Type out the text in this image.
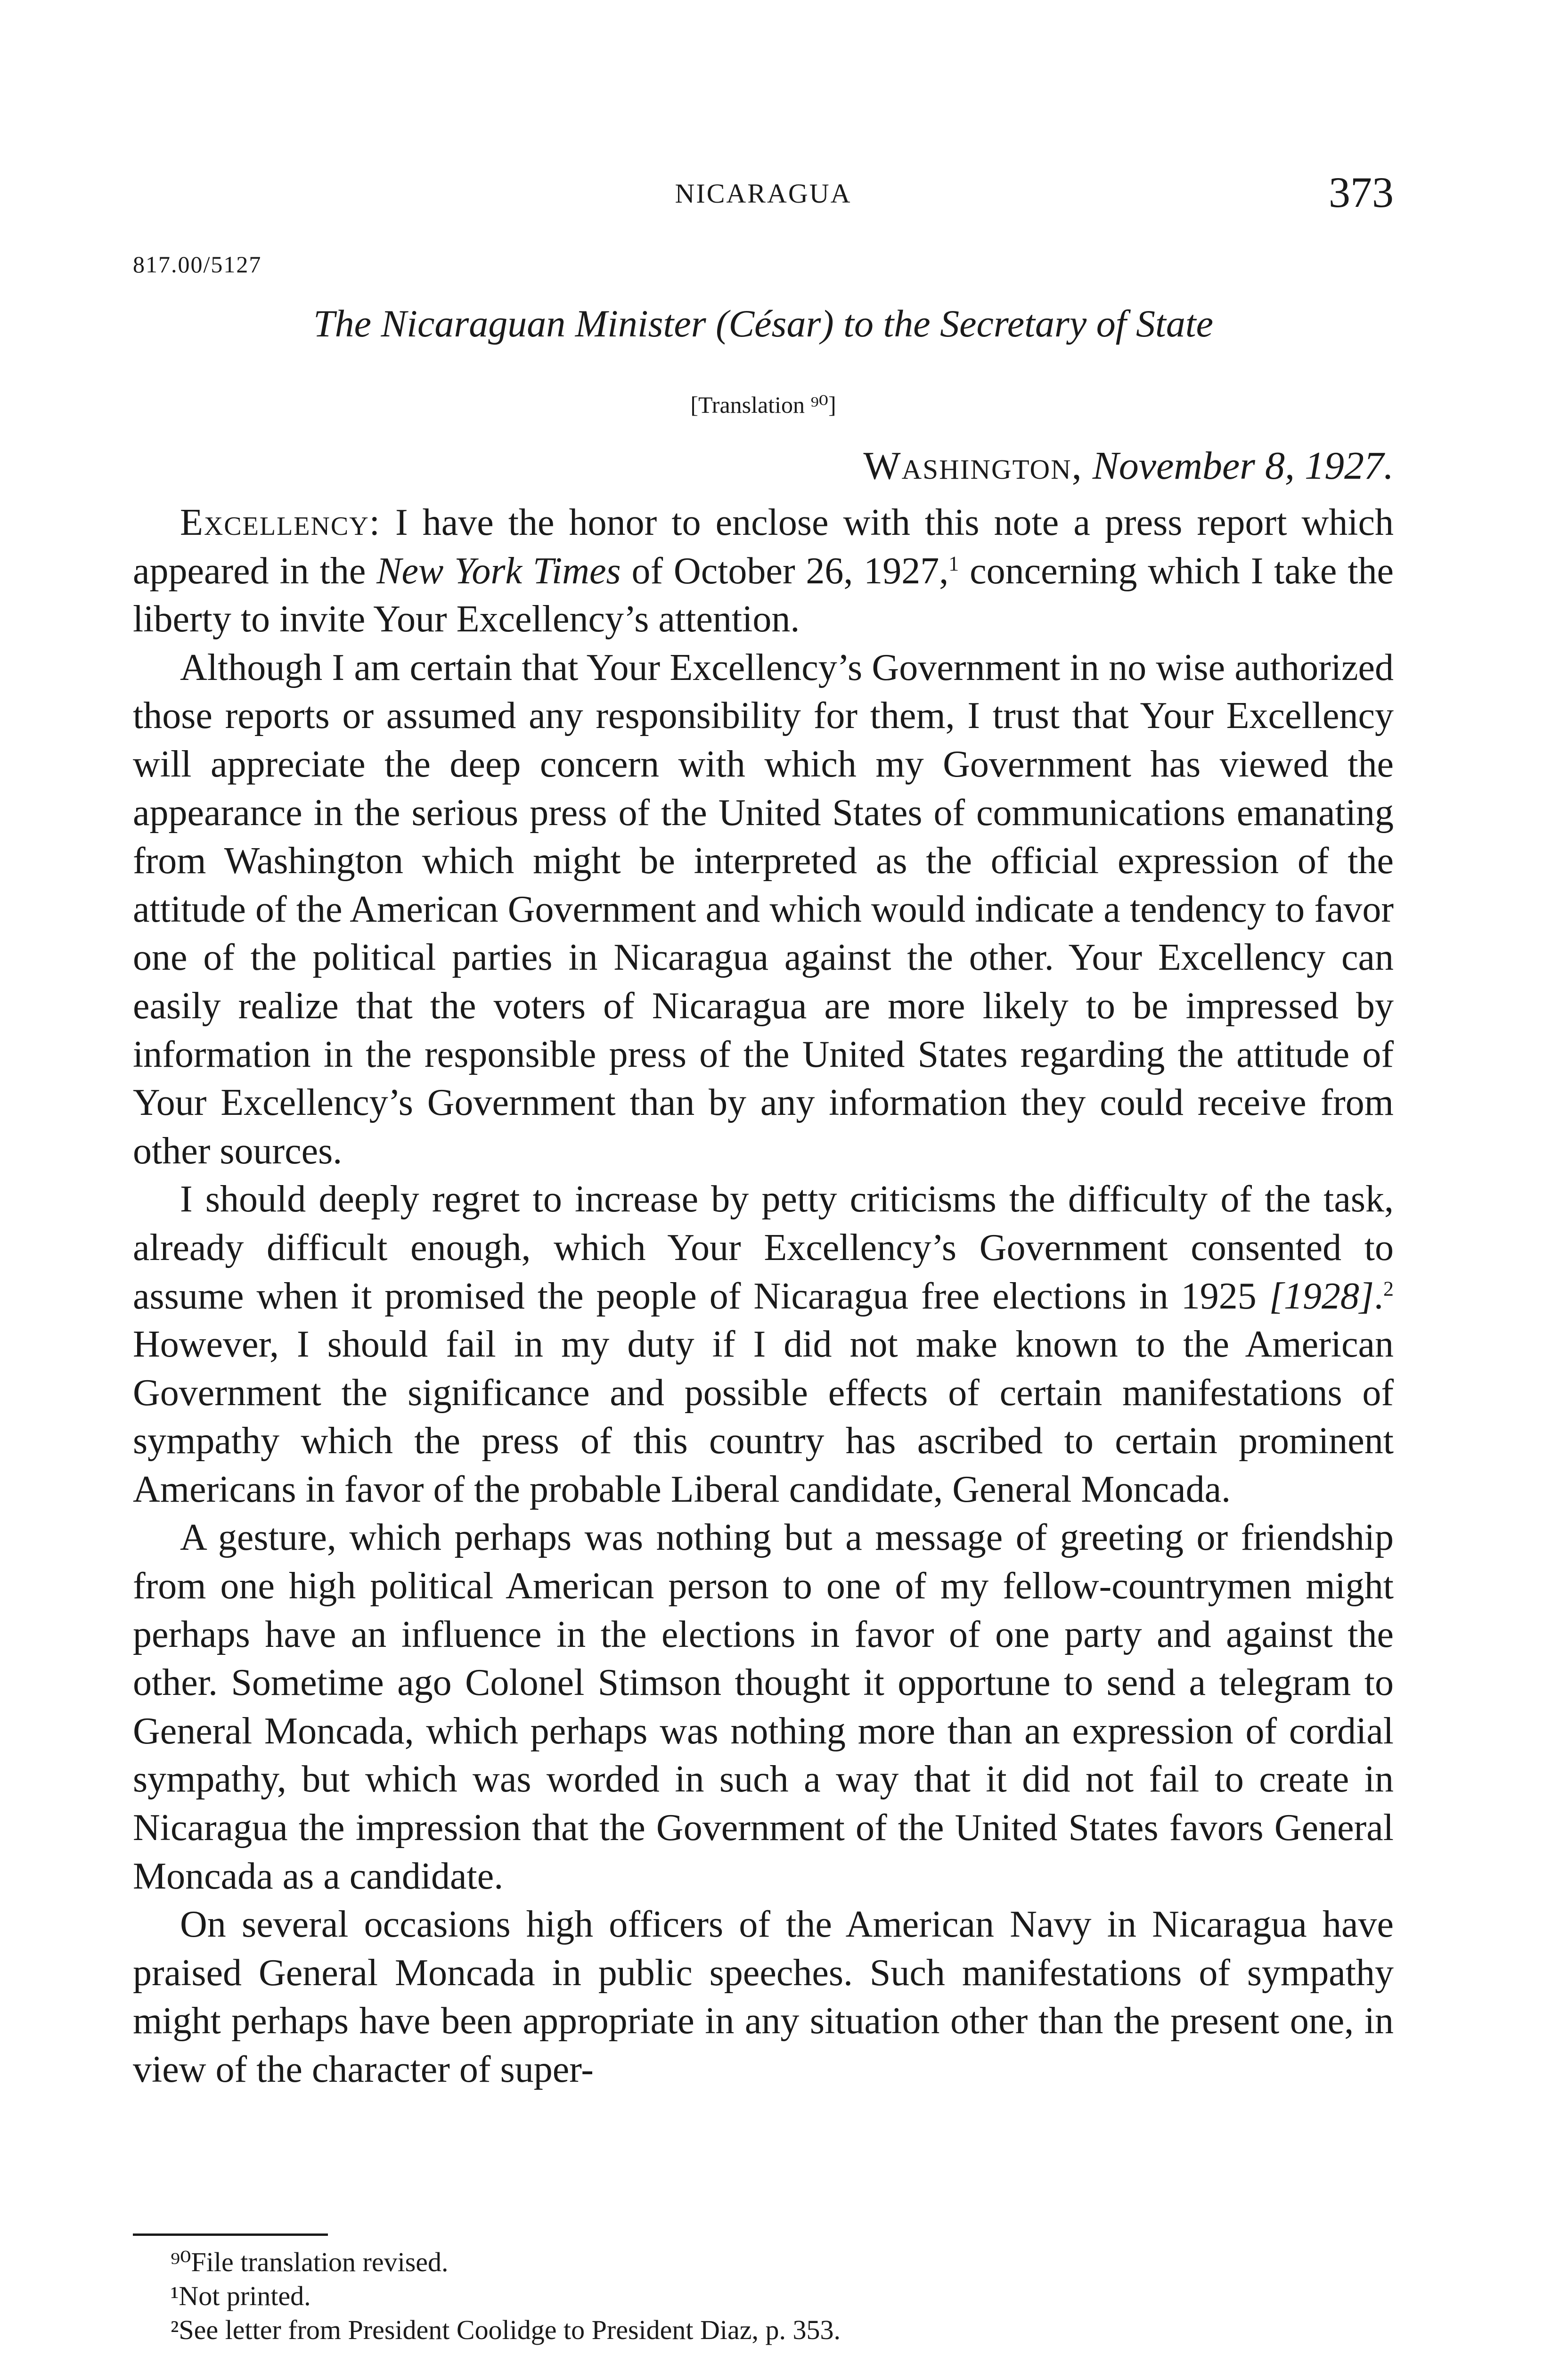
NICARAGUA	373
817.00/5127
The Nicaraguan Minister (César) to the Secretary of State
[Translation ⁹⁰]
Washington, November 8, 1927.

Excellency: I have the honor to enclose with this note a press report which appeared in the New York Times of October 26, 1927,$^1$ concerning which I take the liberty to invite Your Excellency’s attention.

Although I am certain that Your Excellency’s Government in no wise authorized those reports or assumed any responsibility for them, I trust that Your Excellency will appreciate the deep concern with which my Government has viewed the appearance in the serious press of the United States of communications emanating from Washington which might be interpreted as the official expression of the attitude of the American Government and which would indicate a tendency to favor one of the political parties in Nicaragua against the other. Your Excellency can easily realize that the voters of Nicaragua are more likely to be impressed by information in the responsible press of the United States regarding the attitude of Your Excellency’s Government than by any information they could receive from other sources.

I should deeply regret to increase by petty criticisms the difficulty of the task, already difficult enough, which Your Excellency’s Government consented to assume when it promised the people of Nicaragua free elections in 1925 [1928].$^2$ However, I should fail in my duty if I did not make known to the American Government the significance and possible effects of certain manifestations of sympathy which the press of this country has ascribed to certain prominent Americans in favor of the probable Liberal candidate, General Moncada.

A gesture, which perhaps was nothing but a message of greeting or friendship from one high political American person to one of my fellow-countrymen might perhaps have an influence in the elections in favor of one party and against the other. Sometime ago Colonel Stimson thought it opportune to send a telegram to General Moncada, which perhaps was nothing more than an expression of cordial sympathy, but which was worded in such a way that it did not fail to create in Nicaragua the impression that the Government of the United States favors General Moncada as a candidate.

On several occasions high officers of the American Navy in Nicaragua have praised General Moncada in public speeches. Such manifestations of sympathy might perhaps have been appropriate in any situation other than the present one, in view of the character of super-

⁹⁰File translation revised.

¹Not printed.

²See letter from President Coolidge to President Diaz, p. 353.
